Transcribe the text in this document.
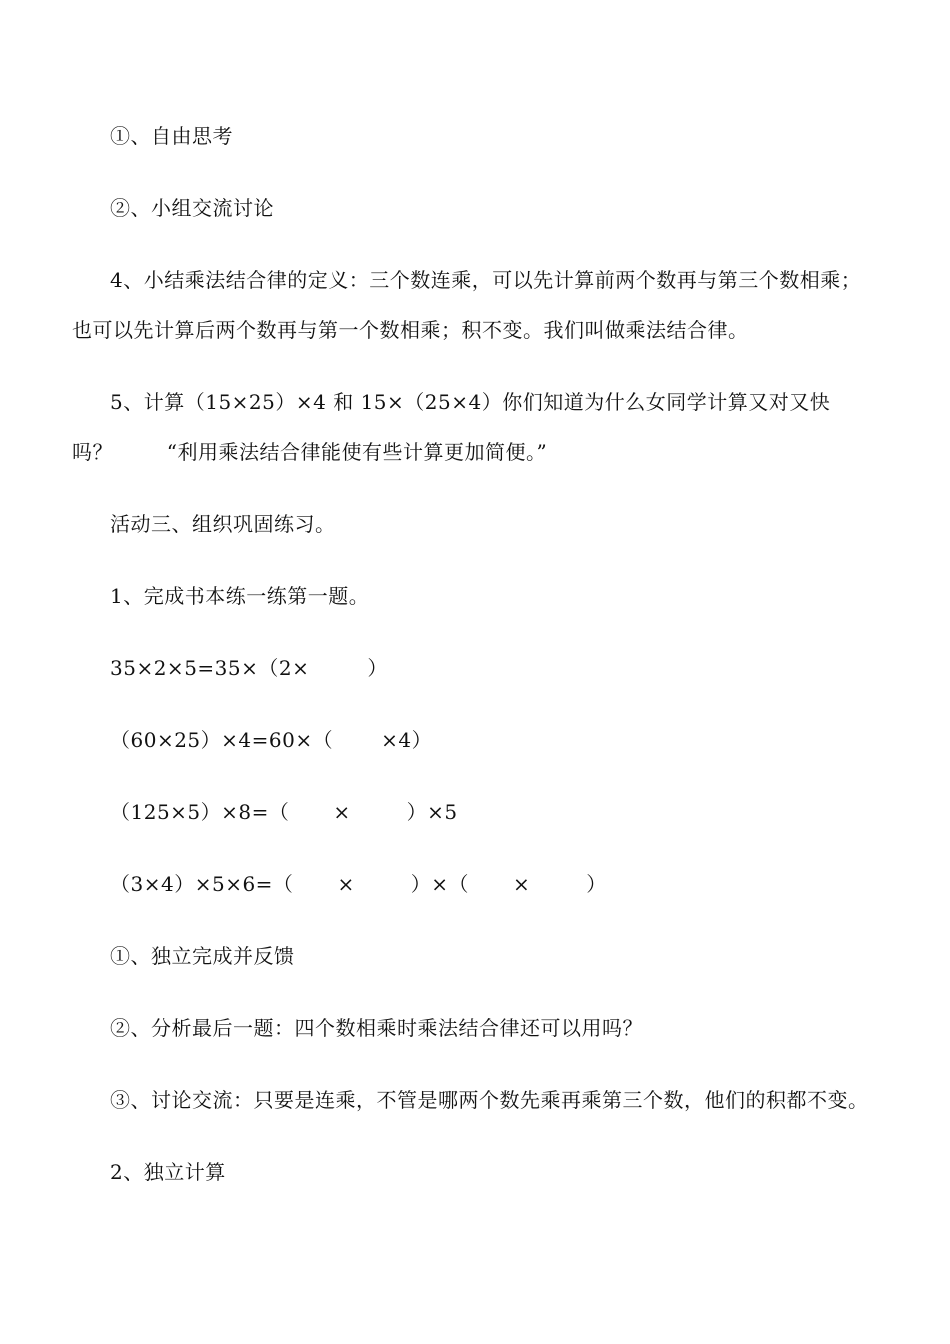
①、自由思考
②、小组交流讨论
4、小结乘法结合律的定义：三个数连乘，可以先计算前两个数再与第三个数相乘；
也可以先计算后两个数再与第一个数相乘；积不变。我们叫做乘法结合律。
5、计算（15×25）×4 和 15×（25×4）你们知道为什么女同学计算又对又快
吗？	“利用乘法结合律能使有些计算更加简便。”
活动三、组织巩固练习。
1、完成书本练一练第一题。
35×2×5=35×（2×	）
（60×25）×4=60×（ ×4）
（125×5）×8=（ ×	）×5
（3×4）×5×6=（ ×	）×（ ×	）
①、独立完成并反馈
②、分析最后一题：四个数相乘时乘法结合律还可以用吗？
③、讨论交流：只要是连乘，不管是哪两个数先乘再乘第三个数，他们的积都不变。
2、独立计算
